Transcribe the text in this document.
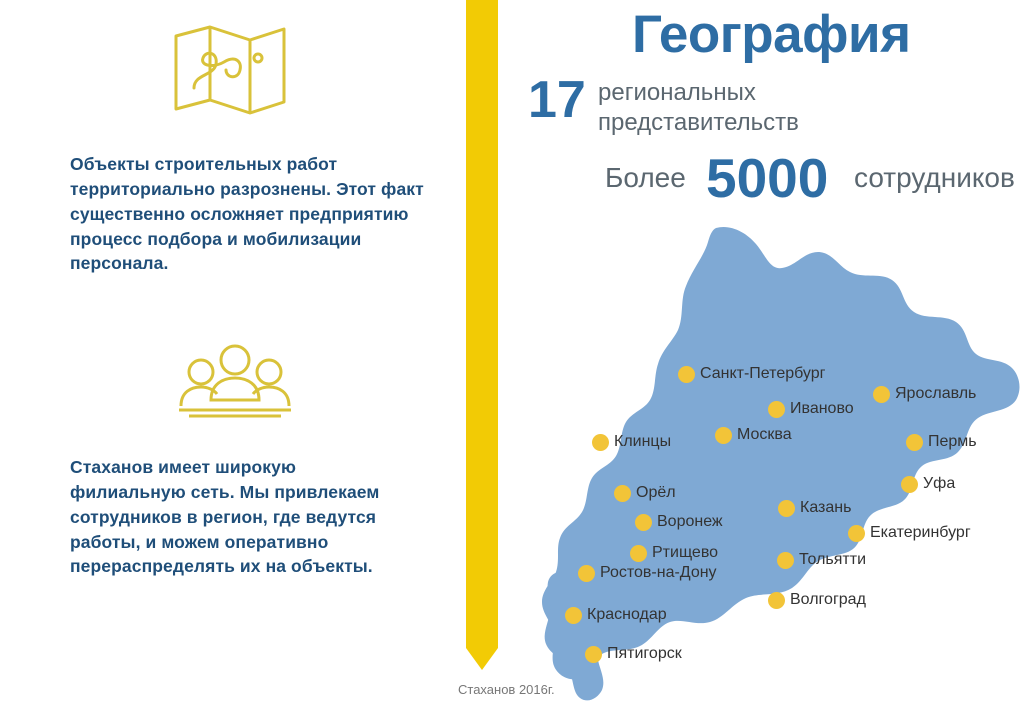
Объекты строительных работ территориально разрознены. Этот факт существенно осложняет предприятию процесс подбора и мобилизации персонала.
Стаханов имеет широкую филиальную сеть. Мы привлекаем сотрудников в регион, где ведутся работы, и можем оперативно перераспределять их на объекты.
География
17 региональных представительств
Более 5000 сотрудников
Санкт-Петербург
Ярославль
Иваново
Москва
Клинцы	Пермь
Уфа
Орёл
Казань
Воронеж
Екатеринбург
Ртищево	Тольятти
Ростов-на-Дону
Волгоград
Краснодар
Пятигорск
Стаханов 2016г.
